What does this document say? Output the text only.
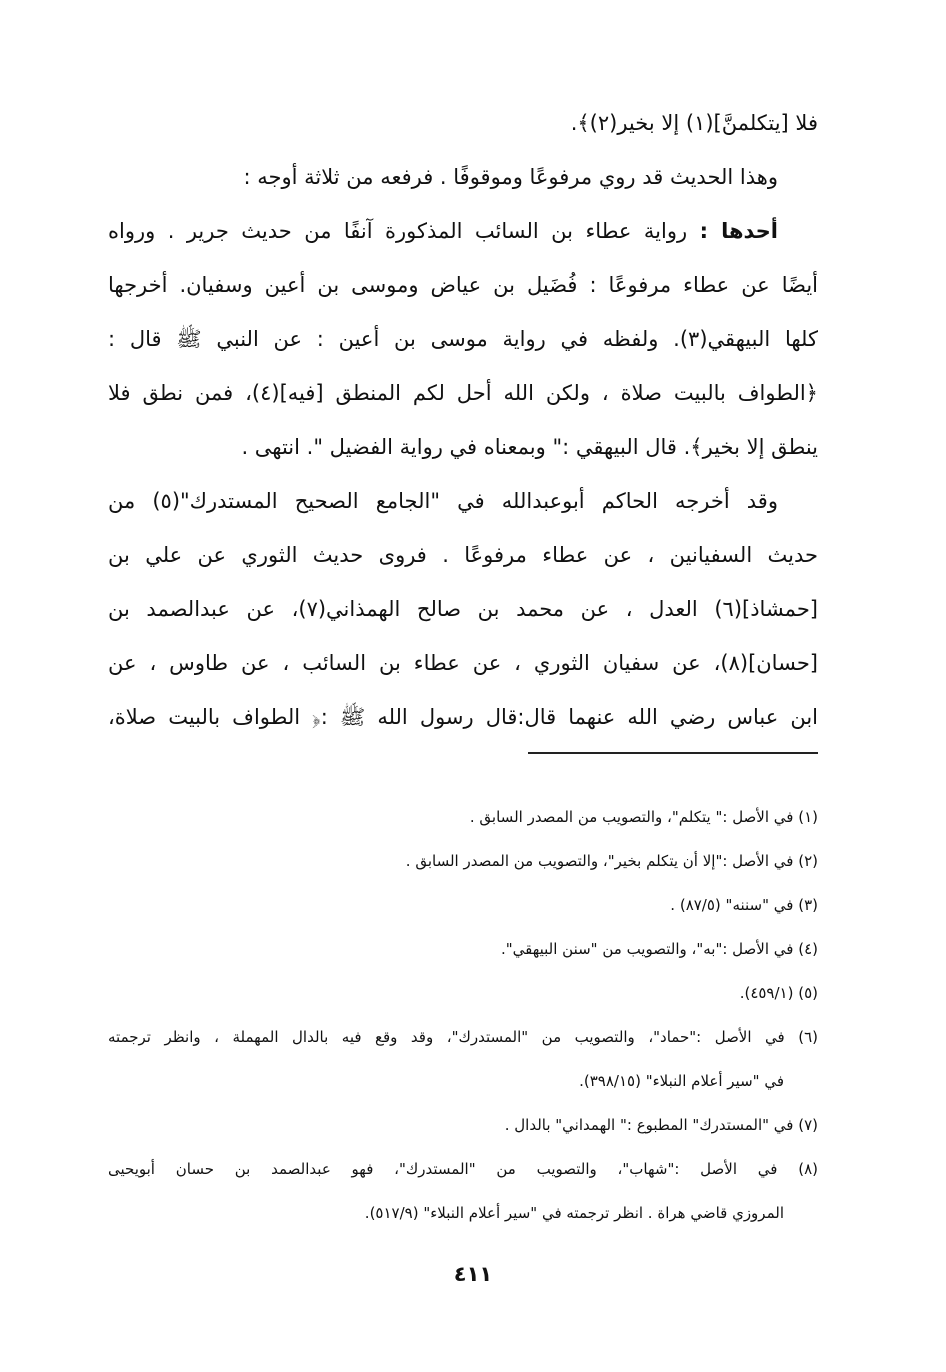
فلا [يتكلمنَّ](١) إلا بخير(٢)﴾.
وهذا الحديث قد روي مرفوعًا وموقوفًا . فرفعه من ثلاثة أوجه :
أحدها : رواية عطاء بن السائب المذكورة آنفًا من حديث جرير . ورواه
أيضًا عن عطاء مرفوعًا : فُضَيل بن عياض وموسى بن أعين وسفيان. أخرجها
كلها البيهقي(٣). ولفظه في رواية موسى بن أعين : عن النبي ﷺ قال :
﴿الطواف بالبيت صلاة ، ولكن الله أحل لكم المنطق [فيه](٤)، فمن نطق فلا
ينطق إلا بخير﴾. قال البيهقي :" وبمعناه في رواية الفضيل ". انتهى .
وقد أخرجه الحاكم أبوعبدالله في "الجامع الصحيح المستدرك"(٥) من
حديث السفيانين ، عن عطاء مرفوعًا . فروى حديث الثوري عن علي بن
[حمشاذ](٦) العدل ، عن محمد بن صالح الهمذاني(٧)، عن عبدالصمد بن
[حسان](٨)، عن سفيان الثوري ، عن عطاء بن السائب ، عن طاوس ، عن
ابن عباس رضي الله عنهما قال:قال رسول الله ﷺ :﴿ الطواف بالبيت صلاة،
(١) في الأصل :" يتكلم"، والتصويب من المصدر السابق .
(٢) في الأصل :"إلا أن يتكلم بخير"، والتصويب من المصدر السابق .
(٣) في "سننه" (٨٧/٥) .
(٤) في الأصل :"به"، والتصويب من "سنن البيهقي".
(٥) (٤٥٩/١).
(٦) في الأصل :"حماد"، والتصويب من "المستدرك"، وقد وقع فيه بالدال المهملة ، وانظر ترجمته
في "سير أعلام النبلاء" (٣٩٨/١٥).
(٧) في "المستدرك" المطبوع :" الهمداني" بالدال .
(٨) في الأصل :"شهاب"، والتصويب من "المستدرك"، فهو عبدالصمد بن حسان أبويحيى
المروزي قاضي هراة . انظر ترجمته في "سير أعلام النبلاء" (٥١٧/٩).
٤١١
